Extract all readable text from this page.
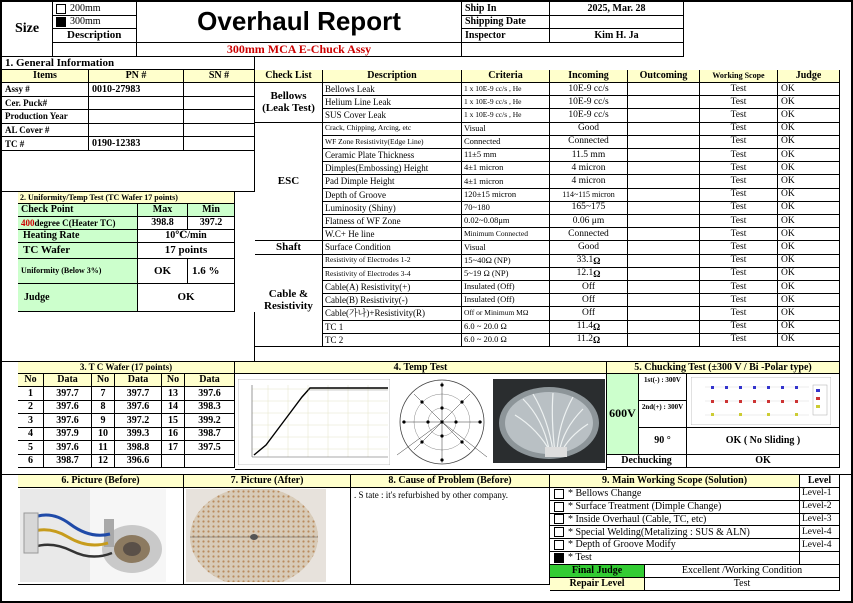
Size
200mm
300mm
Description	Overhaul Report
300mm MCA E-Chuck Assy
Ship In	2025, Mar. 28
Shipping Date
Inspector	Kim H. Ja
1. General Information
4. Temp Test	5. Chucking Test (±300 V / Bi -Polar type)
600V
1st(-) : 300V
2nd(+) : 300V
90 °	OK ( No Sliding )
Dechucking	OK
6. Picture (Before)	7. Picture (After)	8. Cause of Problem (Before)
. S tate : it's refurbished by other company.
9. Main Working Scope (Solution)	Level
Final Judge	Excellent /Working Condition
Repair Level	Test
Items	PN #	SN #
Assy #	0010-27983
Cer. Puck#
Production Year
AL Cover #
TC #	0190-12383
Check List	Description	Criteria	Incoming	Outcoming	Working Scope	Judge
Bellows
(Leak Test)
Bellows Leak	1 x 10E-9 cc/s , He	10E-9 cc/s	Test	OK
Helium Line Leak	1 x 10E-9 cc/s , He	10E-9 cc/s	Test	OK
SUS Cover Leak	1 x 10E-9 cc/s , He	10E-9 cc/s	Test	OK
ESC
Crack, Chipping, Arcing, etc	Visual	Good	Test	OK
WF Zone Resistivity(Edge Line)	Connected	Connected	Test	OK
Ceramic Plate Thickness	11±5 mm	11.5 mm	Test	OK
Dimples(Embossing) Height	4±1 micron	4 micron	Test	OK
Pad Dimple Height	4±1 micron	4 micron	Test	OK
Depth of Groove	120±15 micron	114~115 micron	Test	OK
Luminosity (Shiny)	70~180	165~175	Test	OK
Flatness of WF Zone	0.02~0.08μm	0.06 μm	Test	OK
W.C+ He line	Minimum Connected	Connected	Test	OK
Shaft	Surface Condition	Visual	Good	Test	OK
Cable &
Resistivity
Resistivity of Electrodes 1-2	15~40Ω (NP)	33.1 Ω	Test	OK
Resistivity of Electrodes 3-4	5~19 Ω (NP)	12.1 Ω	Test	OK
Cable(A) Resistivity(+)	Insulated (Off)	Off	Test	OK
Cable(B) Resistivity(-)	Insulated (Off)	Off	Test	OK
Cable(가나)+Resistivity(R)	Off or Minimum MΩ	Off	Test	OK
TC 1	6.0 ~ 20.0 Ω	11.4 Ω	Test	OK
TC 2	6.0 ~ 20.0 Ω	11.2 Ω	Test	OK
2. Uniformity/Temp Test (TC Wafer 17 points)
Check Point	Max	Min
400 degree C(Heater TC)	398.8	397.2
Heating Rate	10℃/min
TC Wafer	17 points
Uniformity (Below 3%)	OK	1.6 %
Judge	OK
3. T C Wafer (17 points)
No	Data	No	Data	No	Data
1	397.7	7	397.7	13	397.6
2	397.6	8	397.6	14	398.3
3	397.6	9	397.2	15	399.2
4	397.9	10	399.3	16	398.7
5	397.6	11	398.8	17	397.5
6	398.7	12	396.6
* Bellows Change	Level-1
* Surface Treatment (Dimple Change)	Level-2
* Inside Overhaul (Cable, TC, etc)	Level-3
* Special Welding(Metalizing : SUS & ALN)	Level-4
* Depth of Groove Modify	Level-4
* Test
